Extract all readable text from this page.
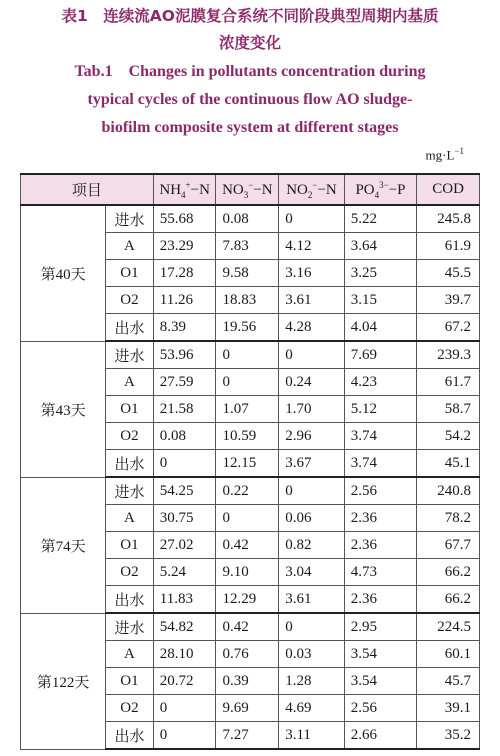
表1　连续流AO泥膜复合系统不同阶段典型周期内基质
浓度变化
Tab.1　Changes in pollutants concentration during
typical cycles of the continuous flow AO sludge-
biofilm composite system at different stages
$mg\cdot L^{-1}$
项目		$NH_4^+-N$	$NO_3^--N$	$NO_2^--N$	$PO_4^{3-}-P$	COD
第40天	进水	55.68	0.08	0	5.22	245.8
	A	23.29	7.83	4.12	3.64	61.9
	O1	17.28	9.58	3.16	3.25	45.5
	O2	11.26	18.83	3.61	3.15	39.7
	出水	8.39	19.56	4.28	4.04	67.2
第43天	进水	53.96	0	0	7.69	239.3
	A	27.59	0	0.24	4.23	61.7
	O1	21.58	1.07	1.70	5.12	58.7
	O2	0.08	10.59	2.96	3.74	54.2
	出水	0	12.15	3.67	3.74	45.1
第74天	进水	54.25	0.22	0	2.56	240.8
	A	30.75	0	0.06	2.36	78.2
	O1	27.02	0.42	0.82	2.36	67.7
	O2	5.24	9.10	3.04	4.73	66.2
	出水	11.83	12.29	3.61	2.36	66.2
第122天	进水	54.82	0.42	0	2.95	224.5
	A	28.10	0.76	0.03	3.54	60.1
	O1	20.72	0.39	1.28	3.54	45.7
	O2	0	9.69	4.69	2.56	39.1
	出水	0	7.27	3.11	2.66	35.2
